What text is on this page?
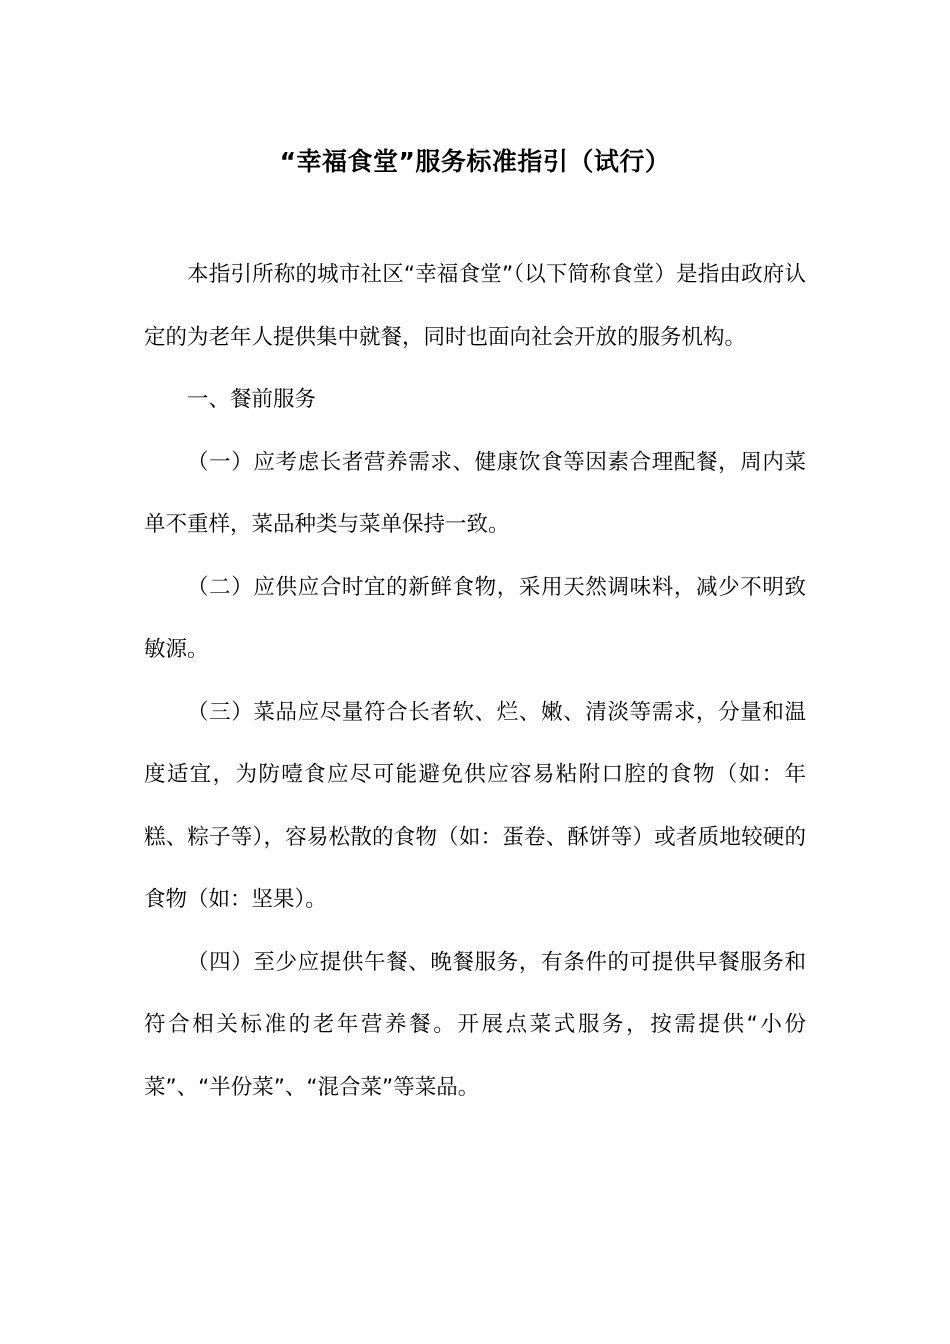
“幸福食堂”服务标准指引（试行）

本指引所称的城市社区“幸福食堂”（以下简称食堂）是指由政府认定的为老年人提供集中就餐，同时也面向社会开放的服务机构。

一、餐前服务

（一）应考虑长者营养需求、健康饮食等因素合理配餐，周内菜单不重样，菜品种类与菜单保持一致。

（二）应供应合时宜的新鲜食物，采用天然调味料，减少不明致敏源。

（三）菜品应尽量符合长者软、烂、嫩、清淡等需求，分量和温度适宜，为防噎食应尽可能避免供应容易粘附口腔的食物（如：年糕、粽子等），容易松散的食物（如：蛋卷、酥饼等）或者质地较硬的食物（如：坚果）。

（四）至少应提供午餐、晚餐服务，有条件的可提供早餐服务和符合相关标准的老年营养餐。开展点菜式服务，按需提供“小份菜”、“半份菜”、“混合菜”等菜品。
